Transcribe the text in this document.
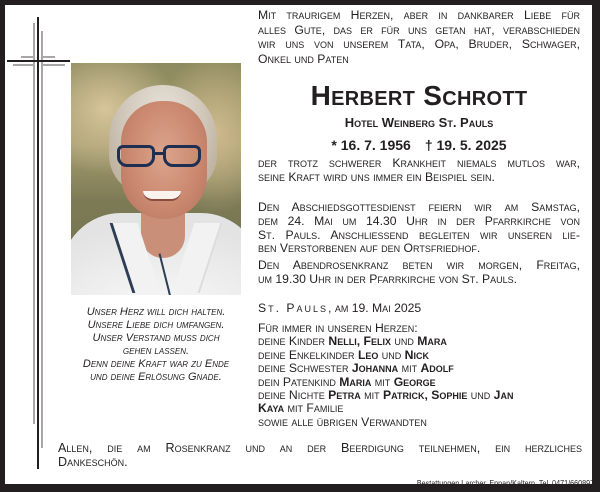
Unser Herz will dich halten.
Unsere Liebe dich umfangen.
Unser Verstand muss dich
gehen lassen.
Denn deine Kraft war zu Ende
und deine Erlösung Gnade.
Mit traurigem Herzen, aber in dankbarer Liebe für
alles Gute, das er für uns getan hat, verabschieden
wir uns von unserem Tata, Opa, Bruder, Schwager,
Onkel und Paten
Herbert Schrott
Hotel Weinberg St. Pauls
* 16. 7. 1956 † 19. 5. 2025
der trotz schwerer Krankheit niemals mutlos war,
seine Kraft wird uns immer ein Beispiel sein.
Den Abschiedsgottesdienst feiern wir am Samstag,
dem 24. Mai um 14.30 Uhr in der Pfarrkirche von
St. Pauls. Anschließend begleiten wir unseren lie-
ben Verstorbenen auf den Ortsfriedhof.
Den Abendrosenkranz beten wir morgen, Freitag,
um 19.30 Uhr in der Pfarrkirche von St. Pauls.
St. Pauls, am 19. Mai 2025
Für immer in unseren Herzen:
deine Kinder Nelli, Felix und Mara
deine Enkelkinder Leo und Nick
deine Schwester Johanna mit Adolf
dein Patenkind Maria mit George
deine Nichte Petra mit Patrick, Sophie und Jan
Kaya mit Familie
sowie alle übrigen Verwandten
Allen, die am Rosenkranz und an der Beerdigung teilnehmen, ein herzliches
Dankeschön.
Bestattungen Larcher, Eppan/Kaltern, Tel. 0471/660897
